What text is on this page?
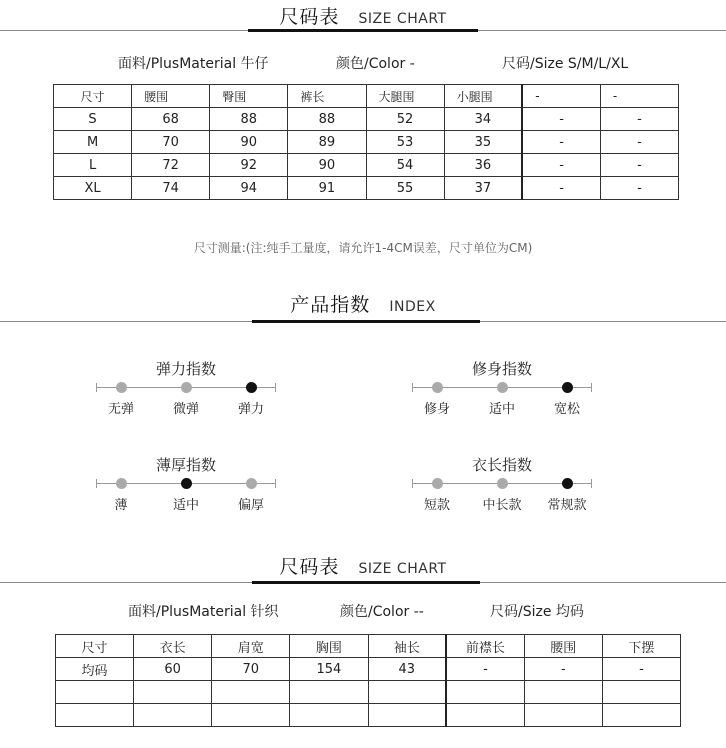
尺码表 SIZE CHART
面料/PlusMaterial 牛仔	颜色/Color -	尺码/Size S/M/L/XL
尺寸	腰围	臀围	裤长	大腿围	小腿围	-	-
S	68	88	88	52	34	-	-
M	70	90	89	53	35	-	-
L	72	92	90	54	36	-	-
XL	74	94	91	55	37	-	-
尺寸测量:(注:纯手工量度，请允许1-4CM误差，尺寸单位为CM)
产品指数 INDEX
弹力指数
无弹	微弹	弹力
修身指数
修身	适中	宽松
薄厚指数
薄	适中	偏厚
衣长指数
短款	中长款	常规款
尺码表 SIZE CHART
面料/PlusMaterial 针织	颜色/Color --	尺码/Size 均码
尺寸	衣长	肩宽	胸围	袖长	前襟长	腰围	下摆
均码	60	70	154	43	-	-	-
